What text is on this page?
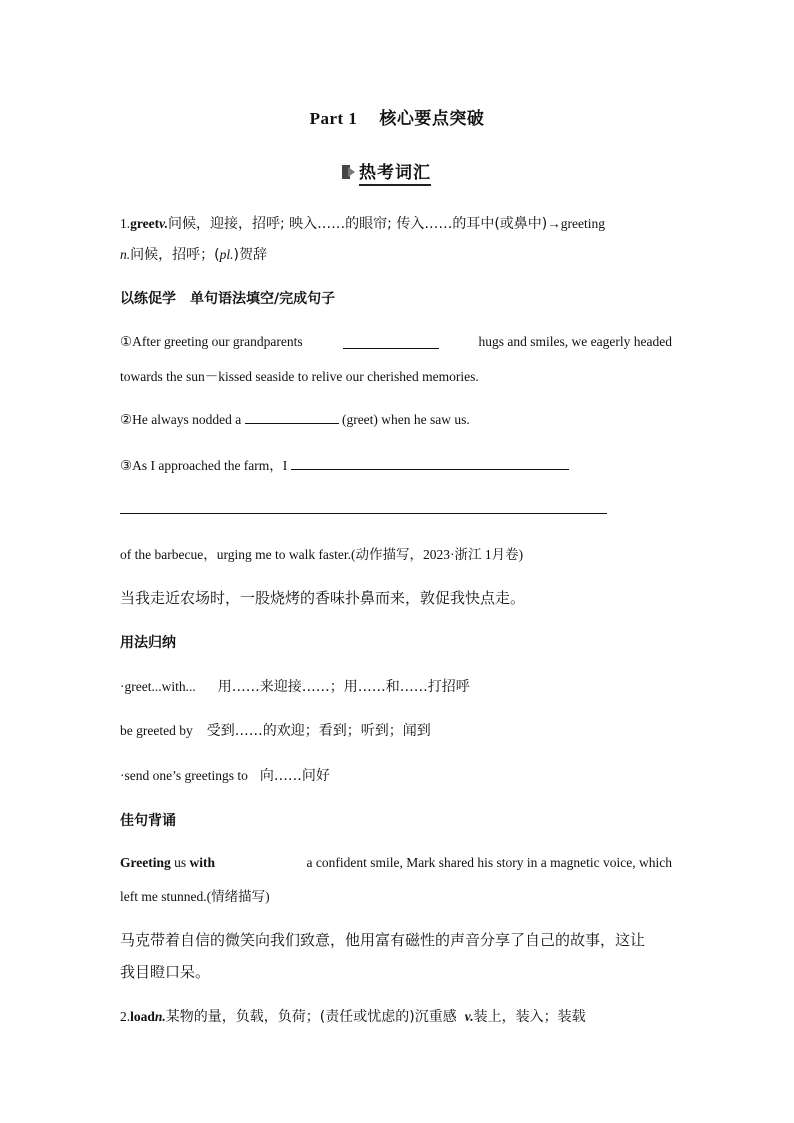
Part 1 核心要点突破
热考词汇
1.greetv.问候，迎接，招呼; 映入……的眼帘; 传入……的耳中(或鼻中)→greeting
n.问候，招呼；(pl.)贺辞
以练促学　单句语法填空/完成句子
①After greeting our grandparents	hugs and smiles, we eagerly headed
towards the sun－kissed seaside to relive our cherished memories.
②He always nodded a	(greet) when he saw us.
③As I approached the farm，I
of the barbecue，urging me to walk faster.(动作描写，2023·浙江 1月卷)
当我走近农场时，一股烧烤的香味扑鼻而来，敦促我快点走。
用法归纳
·greet...with... 用……来迎接……；用……和……打招呼
be greeted by 受到……的欢迎；看到；听到；闻到
·send one’s greetings to 向……问好
佳句背诵
Greeting us with	a confident smile, Mark shared his story in a magnetic voice, which
left me stunned.(情绪描写)
马克带着自信的微笑向我们致意，他用富有磁性的声音分享了自己的故事，这让
我目瞪口呆。
2.loadn.某物的量，负载，负荷；(责任或忧虑的)沉重感 v.装上，装入；装载
